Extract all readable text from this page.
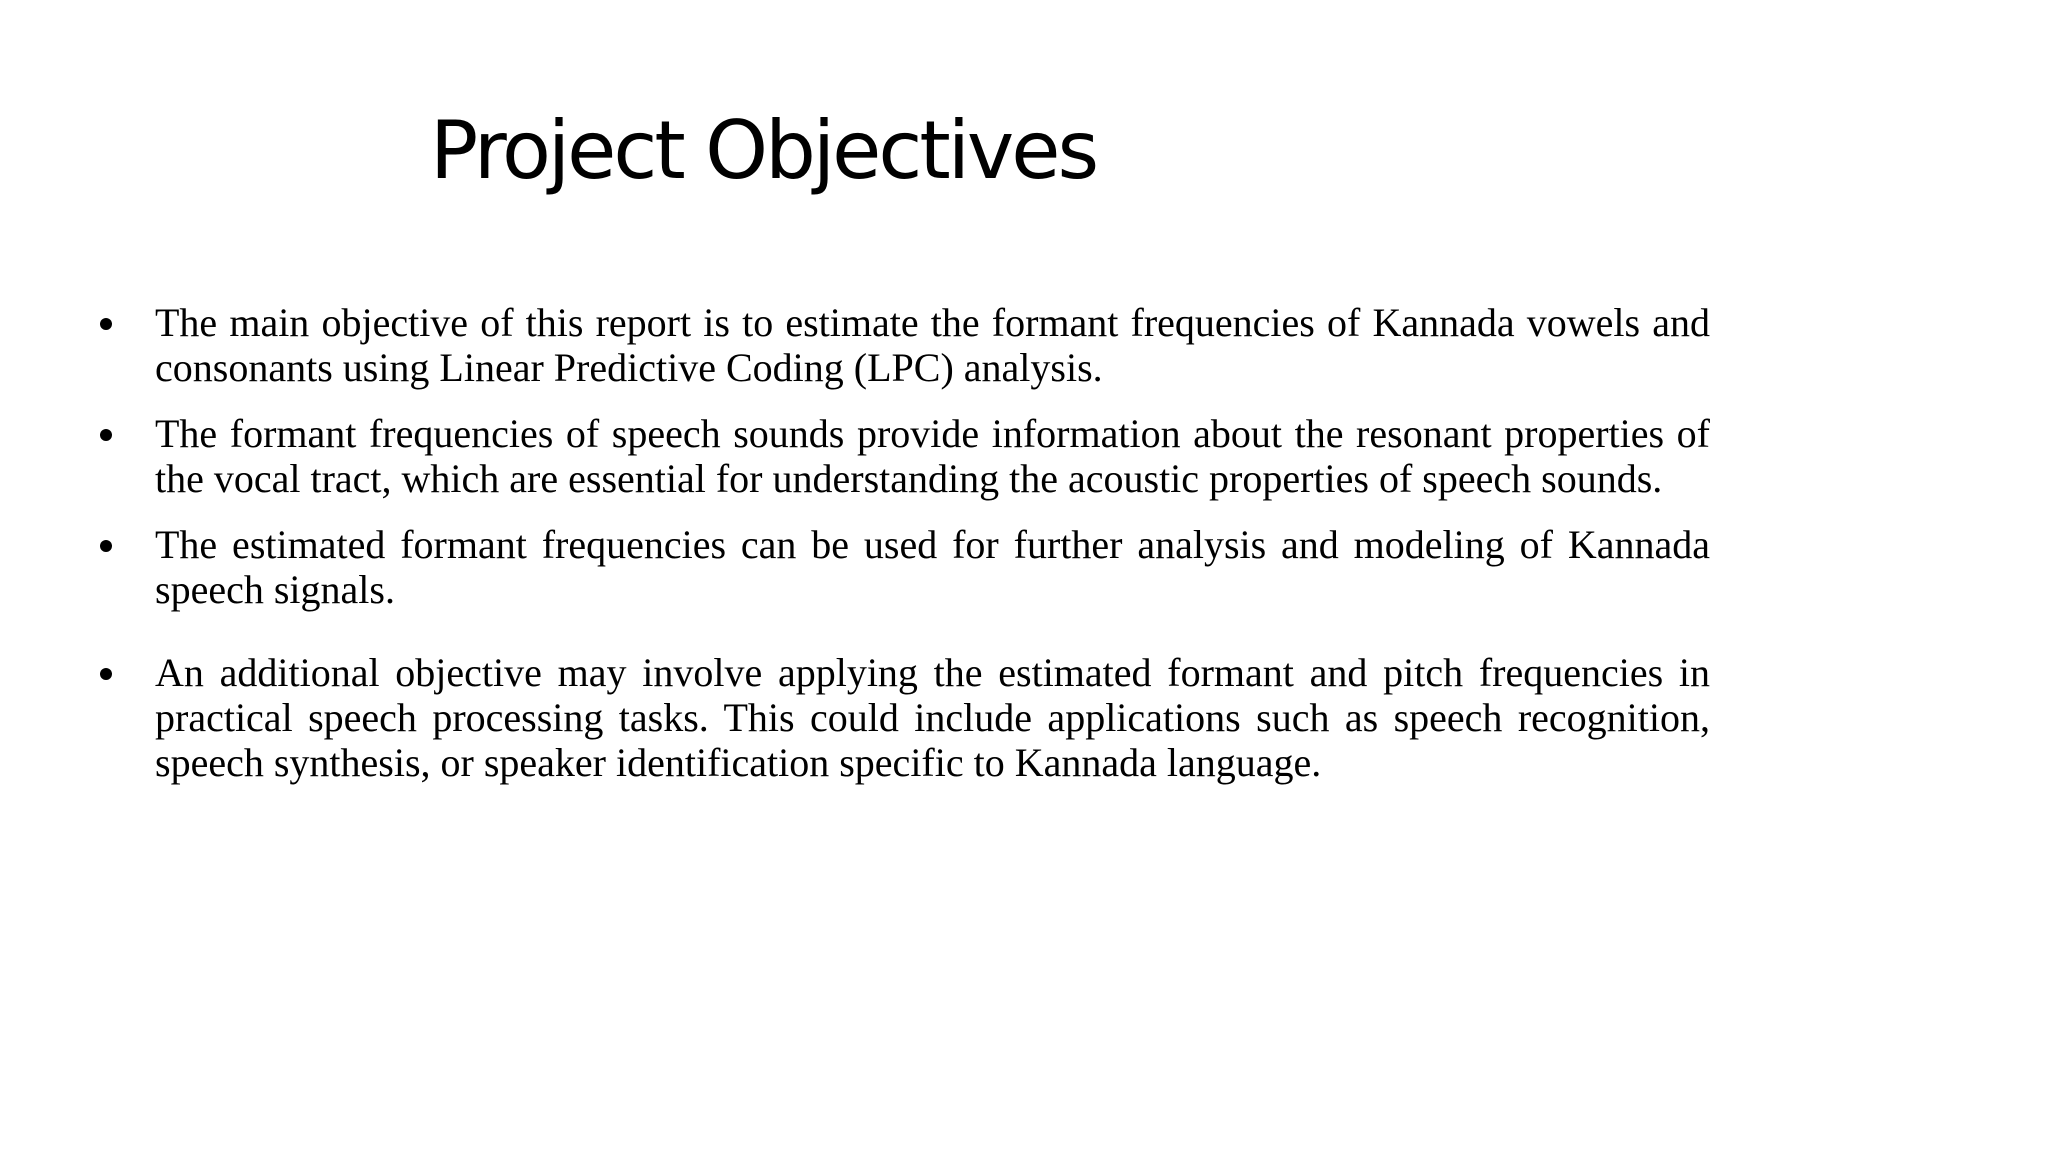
Project Objectives
The main objective of this report is to estimate the formant frequencies of Kannada vowels and consonants using Linear Predictive Coding (LPC) analysis.
The formant frequencies of speech sounds provide information about the resonant properties of the vocal tract, which are essential for understanding the acoustic properties of speech sounds.
The estimated formant frequencies can be used for further analysis and modeling of Kannada speech signals.
An additional objective may involve applying the estimated formant and pitch frequencies in practical speech processing tasks. This could include applications such as speech recognition, speech synthesis, or speaker identification specific to Kannada language.
